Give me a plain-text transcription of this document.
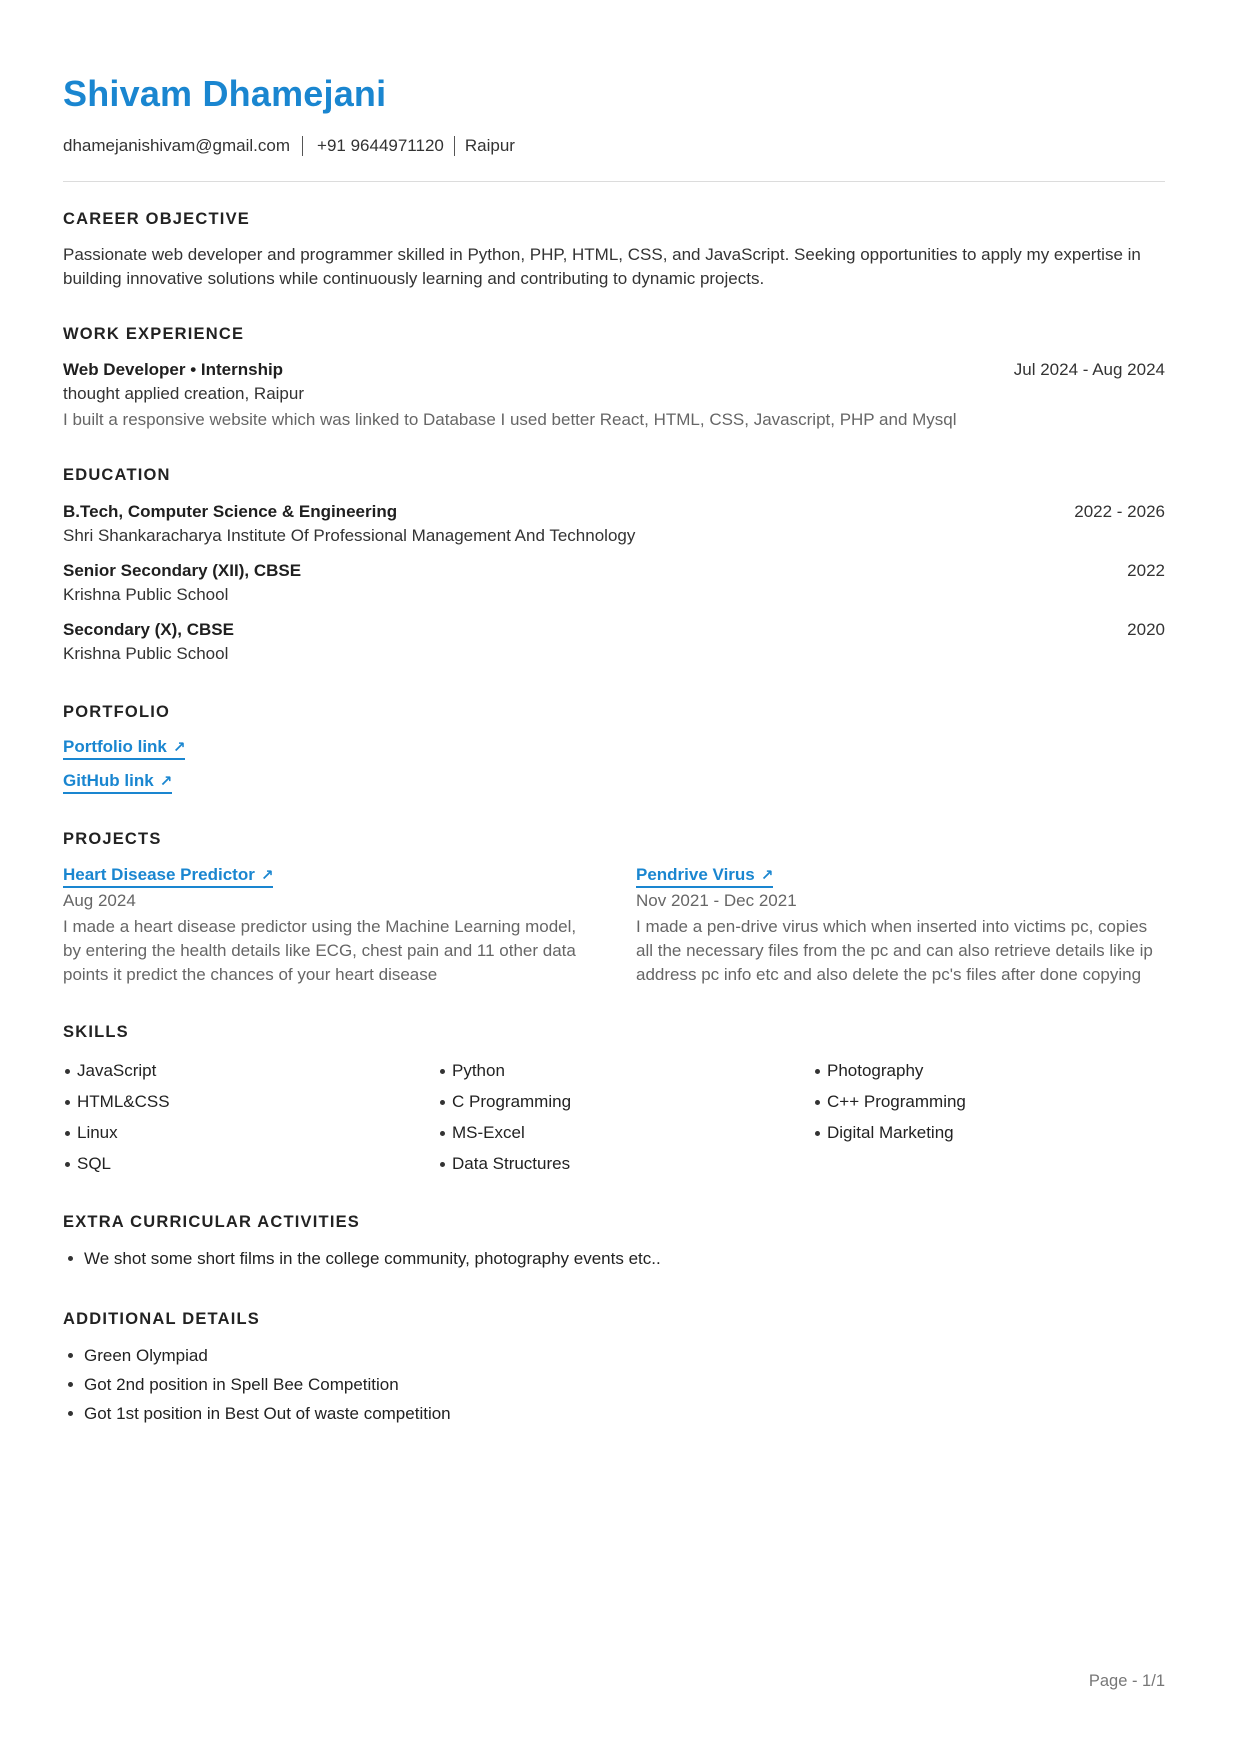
Shivam Dhamejani
dhamejanishivam@gmail.com +91 9644971120 Raipur
CAREER OBJECTIVE
Passionate web developer and programmer skilled in Python, PHP, HTML, CSS, and JavaScript. Seeking opportunities to apply my expertise in building innovative solutions while continuously learning and contributing to dynamic projects.
WORK EXPERIENCE
Web Developer • Internship	Jul 2024 - Aug 2024
thought applied creation, Raipur
I built a responsive website which was linked to Database I used better React, HTML, CSS, Javascript, PHP and Mysql
EDUCATION
B.Tech, Computer Science & Engineering	2022 - 2026
Shri Shankaracharya Institute Of Professional Management And Technology
Senior Secondary (XII), CBSE	2022
Krishna Public School
Secondary (X), CBSE	2020
Krishna Public School
PORTFOLIO
Portfolio link ↗
GitHub link ↗
PROJECTS
Heart Disease Predictor ↗
Aug 2024
I made a heart disease predictor using the Machine Learning model, by entering the health details like ECG, chest pain and 11 other data points it predict the chances of your heart disease
Pendrive Virus ↗
Nov 2021 - Dec 2021
I made a pen-drive virus which when inserted into victims pc, copies all the necessary files from the pc and can also retrieve details like ip address pc info etc and also delete the pc's files after done copying
SKILLS
JavaScript	Python	Photography
HTML&CSS	C Programming	C++ Programming
Linux	MS-Excel	Digital Marketing
SQL	Data Structures
EXTRA CURRICULAR ACTIVITIES
We shot some short films in the college community, photography events etc..
ADDITIONAL DETAILS
Green Olympiad
Got 2nd position in Spell Bee Competition
Got 1st position in Best Out of waste competition
Page - 1/1
